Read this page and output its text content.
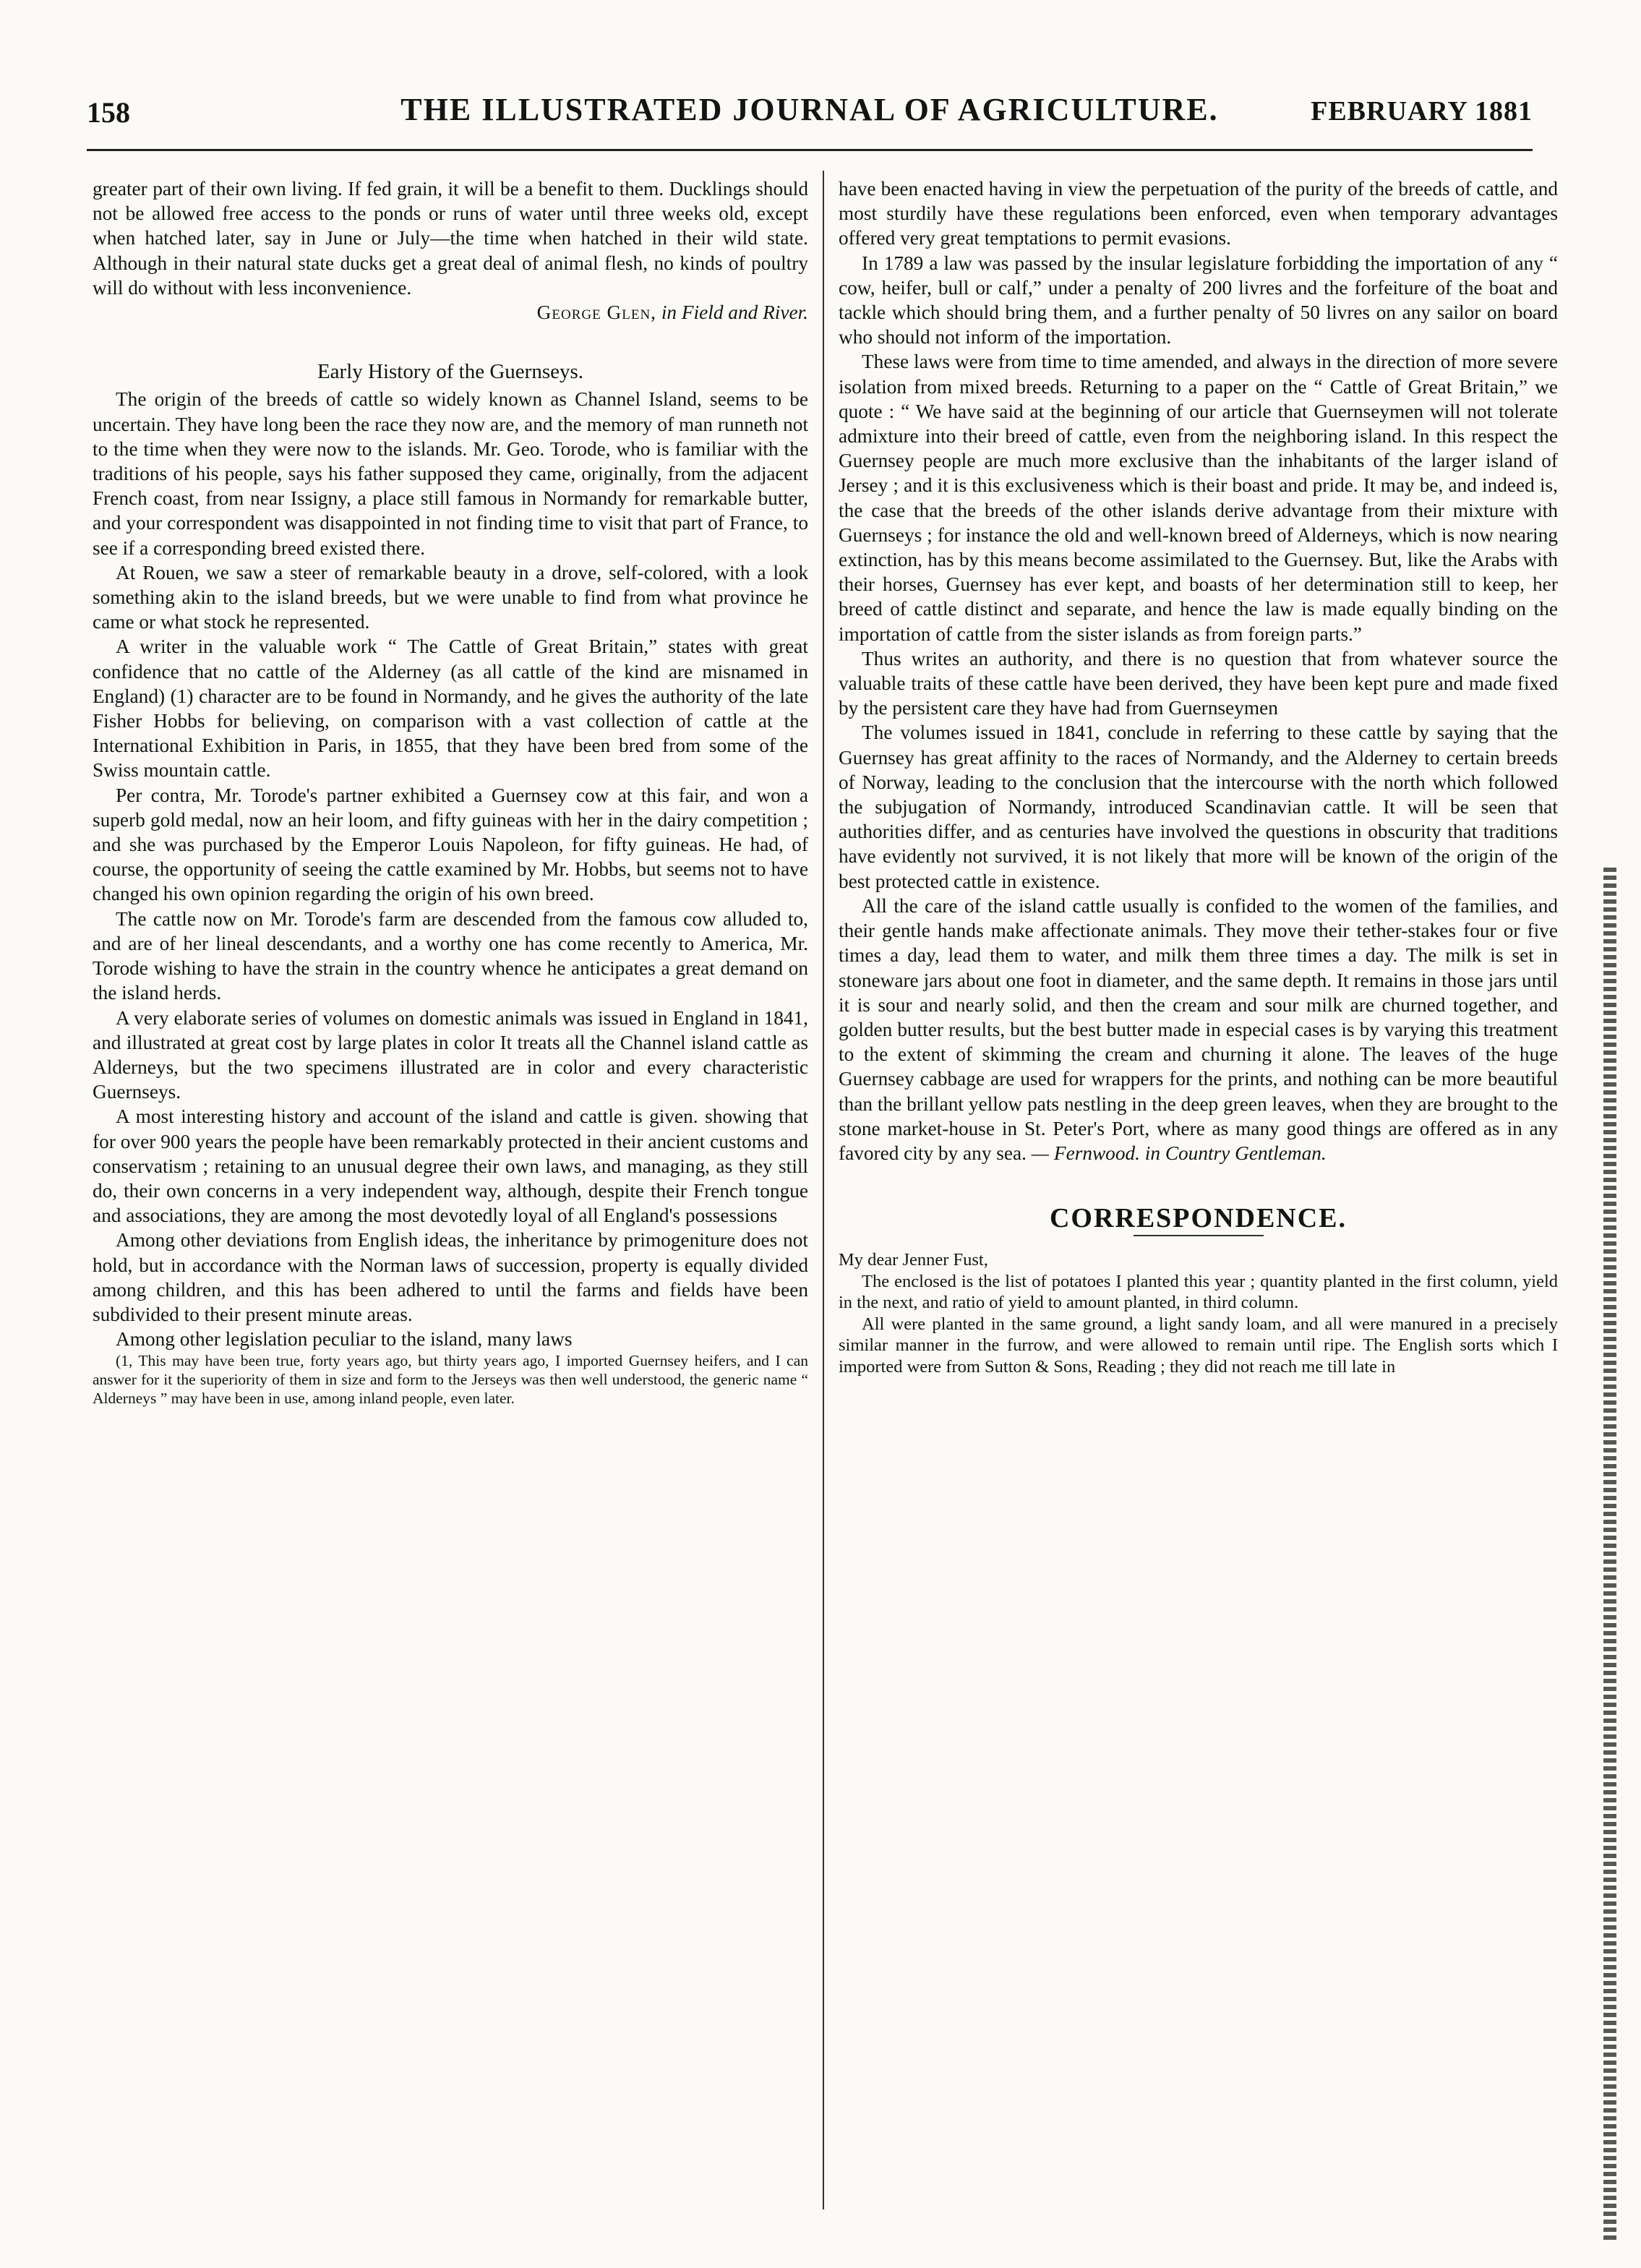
158	THE ILLUSTRATED JOURNAL OF AGRICULTURE.	FEBRUARY 1881

greater part of their own living. If fed grain, it will be a benefit to them. Ducklings should not be allowed free access to the ponds or runs of water until three weeks old, except when hatched later, say in June or July—the time when hatched in their wild state. Although in their natural state ducks get a great deal of animal flesh, no kinds of poultry will do without with less inconvenience.

George Glen, in Field and River.

Early History of the Guernseys.

The origin of the breeds of cattle so widely known as Channel Island, seems to be uncertain. They have long been the race they now are, and the memory of man runneth not to the time when they were now to the islands. Mr. Geo. Torode, who is familiar with the traditions of his people, says his father supposed they came, originally, from the adjacent French coast, from near Issigny, a place still famous in Normandy for remarkable butter, and your correspondent was disappointed in not finding time to visit that part of France, to see if a corresponding breed existed there.

At Rouen, we saw a steer of remarkable beauty in a drove, self-colored, with a look something akin to the island breeds, but we were unable to find from what province he came or what stock he represented.

A writer in the valuable work “ The Cattle of Great Britain,” states with great confidence that no cattle of the Alderney (as all cattle of the kind are misnamed in England) (1) character are to be found in Normandy, and he gives the authority of the late Fisher Hobbs for believing, on comparison with a vast collection of cattle at the International Exhibition in Paris, in 1855, that they have been bred from some of the Swiss mountain cattle.

Per contra, Mr. Torode's partner exhibited a Guernsey cow at this fair, and won a superb gold medal, now an heir loom, and fifty guineas with her in the dairy competition ; and she was purchased by the Emperor Louis Napoleon, for fifty guineas. He had, of course, the opportunity of seeing the cattle examined by Mr. Hobbs, but seems not to have changed his own opinion regarding the origin of his own breed.

The cattle now on Mr. Torode's farm are descended from the famous cow alluded to, and are of her lineal descendants, and a worthy one has come recently to America, Mr. Torode wishing to have the strain in the country whence he anticipates a great demand on the island herds.

A very elaborate series of volumes on domestic animals was issued in England in 1841, and illustrated at great cost by large plates in color It treats all the Channel island cattle as Alderneys, but the two specimens illustrated are in color and every characteristic Guernseys.

A most interesting history and account of the island and cattle is given. showing that for over 900 years the people have been remarkably protected in their ancient customs and conservatism ; retaining to an unusual degree their own laws, and managing, as they still do, their own concerns in a very independent way, although, despite their French tongue and associations, they are among the most devotedly loyal of all England's possessions

Among other deviations from English ideas, the inheritance by primogeniture does not hold, but in accordance with the Norman laws of succession, property is equally divided among children, and this has been adhered to until the farms and fields have been subdivided to their present minute areas.

Among other legislation peculiar to the island, many laws

(1, This may have been true, forty years ago, but thirty years ago, I imported Guernsey heifers, and I can answer for it the superiority of them in size and form to the Jerseys was then well understood, the generic name “ Alderneys ” may have been in use, among inland people, even later.

have been enacted having in view the perpetuation of the purity of the breeds of cattle, and most sturdily have these regulations been enforced, even when temporary advantages offered very great temptations to permit evasions.

In 1789 a law was passed by the insular legislature forbidding the importation of any “ cow, heifer, bull or calf,” under a penalty of 200 livres and the forfeiture of the boat and tackle which should bring them, and a further penalty of 50 livres on any sailor on board who should not inform of the importation.

These laws were from time to time amended, and always in the direction of more severe isolation from mixed breeds. Returning to a paper on the “ Cattle of Great Britain,” we quote : “ We have said at the beginning of our article that Guernseymen will not tolerate admixture into their breed of cattle, even from the neighboring island. In this respect the Guernsey people are much more exclusive than the inhabitants of the larger island of Jersey ; and it is this exclusiveness which is their boast and pride. It may be, and indeed is, the case that the breeds of the other islands derive advantage from their mixture with Guernseys ; for instance the old and well-known breed of Alderneys, which is now nearing extinction, has by this means become assimilated to the Guernsey. But, like the Arabs with their horses, Guernsey has ever kept, and boasts of her determination still to keep, her breed of cattle distinct and separate, and hence the law is made equally binding on the importation of cattle from the sister islands as from foreign parts.”

Thus writes an authority, and there is no question that from whatever source the valuable traits of these cattle have been derived, they have been kept pure and made fixed by the persistent care they have had from Guernseymen

The volumes issued in 1841, conclude in referring to these cattle by saying that the Guernsey has great affinity to the races of Normandy, and the Alderney to certain breeds of Norway, leading to the conclusion that the intercourse with the north which followed the subjugation of Normandy, introduced Scandinavian cattle. It will be seen that authorities differ, and as centuries have involved the questions in obscurity that traditions have evidently not survived, it is not likely that more will be known of the origin of the best protected cattle in existence.

All the care of the island cattle usually is confided to the women of the families, and their gentle hands make affectionate animals. They move their tether-stakes four or five times a day, lead them to water, and milk them three times a day. The milk is set in stoneware jars about one foot in diameter, and the same depth. It remains in those jars until it is sour and nearly solid, and then the cream and sour milk are churned together, and golden butter results, but the best butter made in especial cases is by varying this treatment to the extent of skimming the cream and churning it alone. The leaves of the huge Guernsey cabbage are used for wrappers for the prints, and nothing can be more beautiful than the brillant yellow pats nestling in the deep green leaves, when they are brought to the stone market-house in St. Peter's Port, where as many good things are offered as in any favored city by any sea. — Fernwood. in Country Gentleman.

CORRESPONDENCE.

My dear Jenner Fust,

The enclosed is the list of potatoes I planted this year ; quantity planted in the first column, yield in the next, and ratio of yield to amount planted, in third column.

All were planted in the same ground, a light sandy loam, and all were manured in a precisely similar manner in the furrow, and were allowed to remain until ripe. The English sorts which I imported were from Sutton & Sons, Reading ; they did not reach me till late in
